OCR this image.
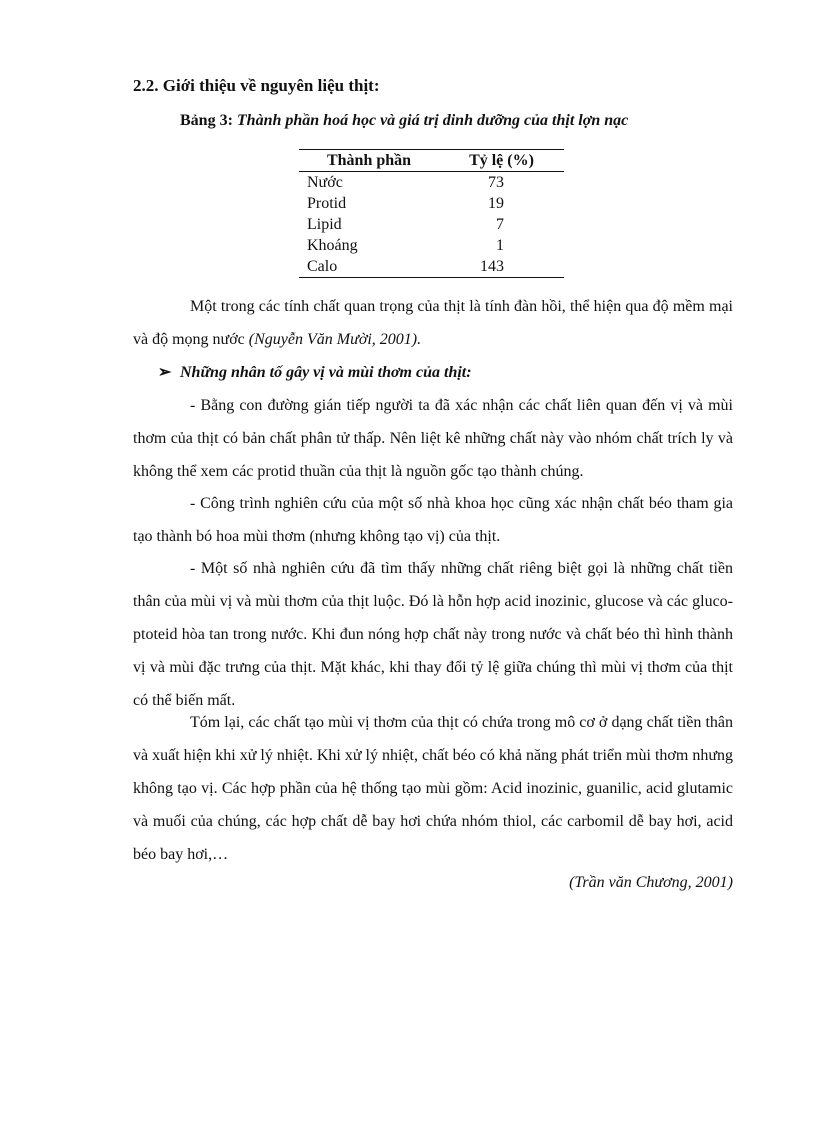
2.2. Giới thiệu về nguyên liệu thịt:
Bảng 3: Thành phần hoá học và giá trị dinh dưỡng của thịt lợn nạc
Thành phần	Tỷ lệ (%)
Nước	73
Protid	19
Lipid	7
Khoáng	1
Calo	143

Một trong các tính chất quan trọng của thịt là tính đàn hồi, thể hiện qua độ mềm mại và độ mọng nước (Nguyễn Văn Mười, 2001).

➢ Những nhân tố gây vị và mùi thơm của thịt:

- Bằng con đường gián tiếp người ta đã xác nhận các chất liên quan đến vị và mùi thơm của thịt có bản chất phân tử thấp. Nên liệt kê những chất này vào nhóm chất trích ly và không thể xem các protid thuần của thịt là nguồn gốc tạo thành chúng.

- Công trình nghiên cứu của một số nhà khoa học cũng xác nhận chất béo tham gia tạo thành bó hoa mùi thơm (nhưng không tạo vị) của thịt.

- Một số nhà nghiên cứu đã tìm thấy những chất riêng biệt gọi là những chất tiền thân của mùi vị và mùi thơm của thịt luộc. Đó là hỗn hợp acid inozinic, glucose và các gluco-ptoteid hòa tan trong nước. Khi đun nóng hợp chất này trong nước và chất béo thì hình thành vị và mùi đặc trưng của thịt. Mặt khác, khi thay đổi tỷ lệ giữa chúng thì mùi vị thơm của thịt có thể biến mất.

Tóm lại, các chất tạo mùi vị thơm của thịt có chứa trong mô cơ ở dạng chất tiền thân và xuất hiện khi xử lý nhiệt. Khi xử lý nhiệt, chất béo có khả năng phát triển mùi thơm nhưng không tạo vị. Các hợp phần của hệ thống tạo mùi gồm: Acid inozinic, guanilic, acid glutamic và muối của chúng, các hợp chất dễ bay hơi chứa nhóm thiol, các carbomil dễ bay hơi, acid béo bay hơi,…

(Trần văn Chương, 2001)
